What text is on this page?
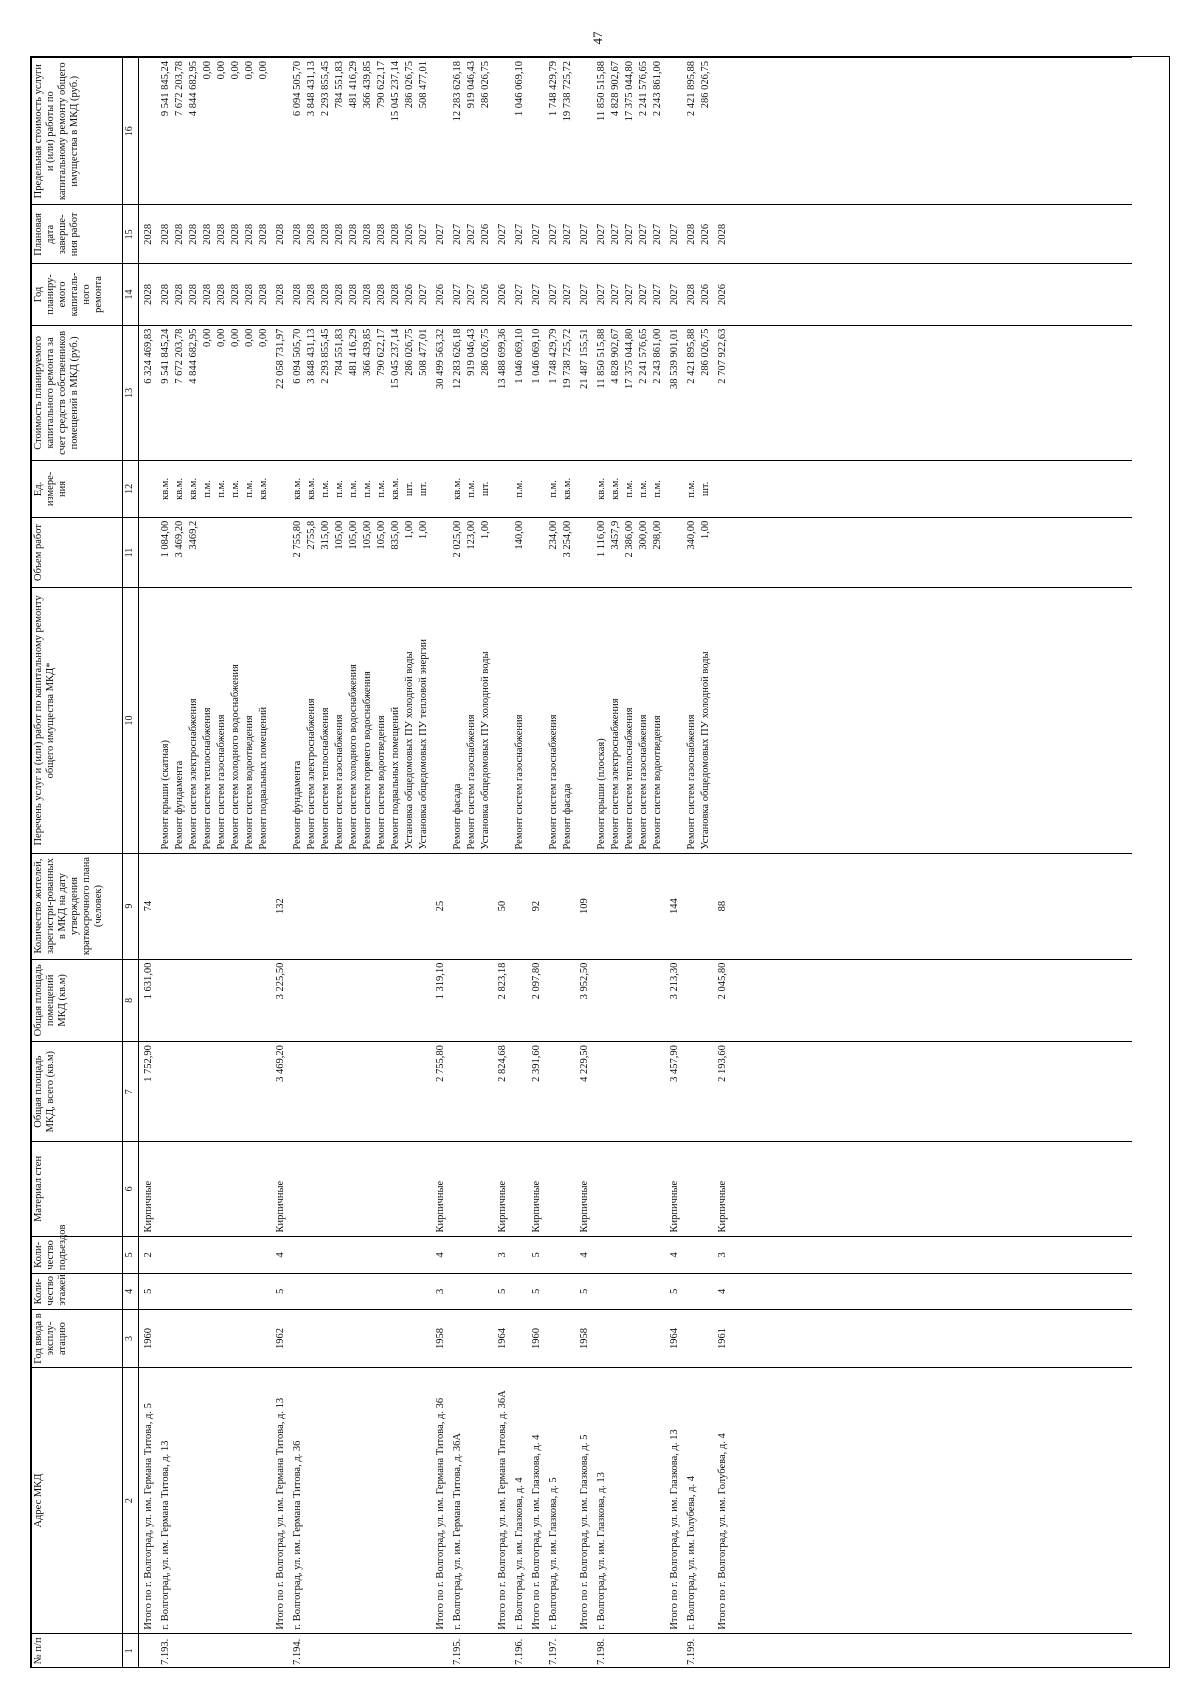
47
№ п/п	Адрес МКД	Год ввода в эксплу-атацию	Коли-чество этажей	Коли-чество подъездов	Материал стен	Общая площадь МКД, всего (кв.м)	Общая площадь помещений МКД (кв.м)	Количество жителей, зарегистри-рованных в МКД на дату утверждения краткосрочного плана (человек)	Перечень услуг и (или) работ по капитальному ремонту общего имущества МКД*	Объем работ	Ед. измере-ния	Стоимость планируемого капитального ремонта за счет средств собственников помещений в МКД (руб.)	Год планиру-емого капиталь-ного ремонта	Плановая дата заверше-ния работ	Предельная стоимость услуги и (или) работы по капитальному ремонту общего имущества в МКД (руб.)
1	2	3	4	5	6	7	8	9	10	11	12	13	14	15	16
	Итого по г. Волгоград, ул. им. Германа Титова, д. 5	1960	5	2	Кирпичные	1 752,90	1 631,00	74				6 324 469,83	2028	2028	
7.193.	г. Волгоград, ул. им. Германа Титова, д. 13								Ремонт крыши (скатная)	1 084,00	кв.м.	9 541 845,24	2028	2028	9 541 845,24
									Ремонт фундамента	3 469,20	кв.м.	7 672 203,78	2028	2028	7 672 203,78
									Ремонт систем электроснабжения	3469,2	кв.м.	4 844 682,95	2028	2028	4 844 682,95
									Ремонт систем теплоснабжения		п.м.	0,00	2028	2028	0,00
									Ремонт систем газоснабжения		п.м.	0,00	2028	2028	0,00
									Ремонт систем холодного водоснабжения		п.м.	0,00	2028	2028	0,00
									Ремонт систем водоотведения		п.м.	0,00	2028	2028	0,00
									Ремонт подвальных помещений		кв.м.	0,00	2028	2028	0,00
	Итого по г. Волгоград, ул. им. Германа Титова, д. 13	1962	5	4	Кирпичные	3 469,20	3 225,50	132				22 058 731,97	2028	2028	
7.194.	г. Волгоград, ул. им. Германа Титова, д. 36								Ремонт фундамента	2 755,80	кв.м.	6 094 505,70	2028	2028	6 094 505,70
									Ремонт систем электроснабжения	2755,8	кв.м.	3 848 431,13	2028	2028	3 848 431,13
									Ремонт систем теплоснабжения	315,00	п.м.	2 293 855,45	2028	2028	2 293 855,45
									Ремонт систем газоснабжения	105,00	п.м.	784 551,83	2028	2028	784 551,83
									Ремонт систем холодного водоснабжения	105,00	п.м.	481 416,29	2028	2028	481 416,29
									Ремонт систем горячего водоснабжения	105,00	п.м.	366 439,85	2028	2028	366 439,85
									Ремонт систем водоотведения	105,00	п.м.	790 622,17	2028	2028	790 622,17
									Ремонт подвальных помещений	835,00	кв.м.	15 045 237,14	2028	2028	15 045 237,14
									Установка общедомовых ПУ холодной воды	1,00	шт.	286 026,75	2026	2026	286 026,75
									Установка общедомовых ПУ тепловой энергии	1,00	шт.	508 477,01	2027	2027	508 477,01
	Итого по г. Волгоград, ул. им. Германа Титова, д. 36	1958	3	4	Кирпичные	2 755,80	1 319,10	25				30 499 563,32	2026	2027	
7.195.	г. Волгоград, ул. им. Германа Титова, д. 36А								Ремонт фасада	2 025,00	кв.м.	12 283 626,18	2027	2027	12 283 626,18
									Ремонт систем газоснабжения	123,00	п.м.	919 046,43	2027	2027	919 046,43
									Установка общедомовых ПУ холодной воды	1,00	шт.	286 026,75	2026	2026	286 026,75
	Итого по г. Волгоград, ул. им. Германа Титова, д. 36А	1964	5	3	Кирпичные	2 824,68	2 823,18	50				13 488 699,36	2026	2027	
7.196.	г. Волгоград, ул. им. Глазкова, д. 4								Ремонт систем газоснабжения	140,00	п.м.	1 046 069,10	2027	2027	1 046 069,10
	Итого по г. Волгоград, ул. им. Глазкова, д. 4	1960	5	5	Кирпичные	2 391,60	2 097,80	92				1 046 069,10	2027	2027	
7.197.	г. Волгоград, ул. им. Глазкова, д. 5								Ремонт систем газоснабжения	234,00	п.м.	1 748 429,79	2027	2027	1 748 429,79
									Ремонт фасада	3 254,00	кв.м.	19 738 725,72	2027	2027	19 738 725,72
	Итого по г. Волгоград, ул. им. Глазкова, д. 5	1958	5	4	Кирпичные	4 229,50	3 952,50	109				21 487 155,51	2027	2027	
7.198.	г. Волгоград, ул. им. Глазкова, д. 13								Ремонт крыши (плоская)	1 116,00	кв.м.	11 850 515,88	2027	2027	11 850 515,88
									Ремонт систем электроснабжения	3457,9	кв.м.	4 828 902,67	2027	2027	4 828 902,67
									Ремонт систем теплоснабжения	2 386,00	п.м.	17 375 044,80	2027	2027	17 375 044,80
									Ремонт систем газоснабжения	300,00	п.м.	2 241 576,65	2027	2027	2 241 576,65
									Ремонт систем водоотведения	298,00	п.м.	2 243 861,00	2027	2027	2 243 861,00
	Итого по г. Волгоград, ул. им. Глазкова, д. 13	1964	5	4	Кирпичные	3 457,90	3 213,30	144				38 539 901,01	2027	2027	
7.199.	г. Волгоград, ул. им. Голубева, д. 4								Ремонт систем газоснабжения	340,00	п.м.	2 421 895,88	2028	2028	2 421 895,88
									Установка общедомовых ПУ холодной воды	1,00	шт.	286 026,75	2026	2026	286 026,75
	Итого по г. Волгоград, ул. им. Голубева, д. 4	1961	4	3	Кирпичные	2 193,60	2 045,80	88				2 707 922,63	2026	2028	
